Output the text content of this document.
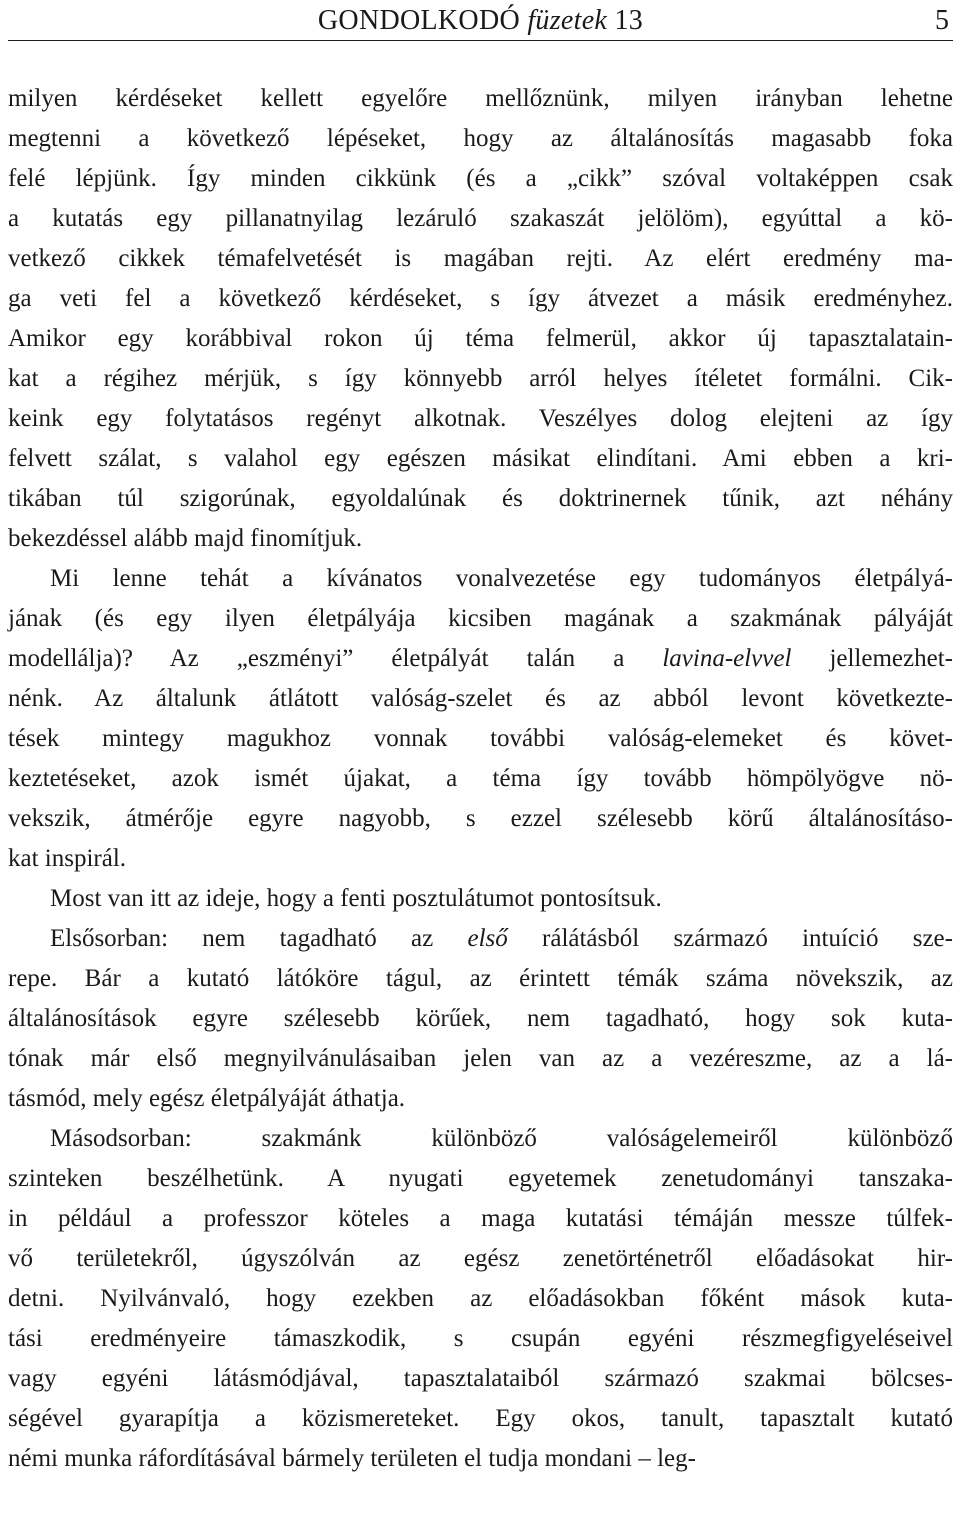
GONDOLKODÓ füzetek 13	5
milyen kérdéseket kellett egyelőre mellőznünk, milyen irányban lehetne
megtenni a következő lépéseket, hogy az általánosítás magasabb foka
felé lépjünk. Így minden cikkünk (és a „cikk” szóval voltaképpen csak
a kutatás egy pillanatnyilag lezáruló szakaszát jelölöm), egyúttal a kö-
vetkező cikkek témafelvetését is magában rejti. Az elért eredmény ma-
ga veti fel a következő kérdéseket, s így átvezet a másik eredményhez.
Amikor egy korábbival rokon új téma felmerül, akkor új tapasztalatain-
kat a régihez mérjük, s így könnyebb arról helyes ítéletet formálni. Cik-
keink egy folytatásos regényt alkotnak. Veszélyes dolog elejteni az így
felvett szálat, s valahol egy egészen másikat elindítani. Ami ebben a kri-
tikában túl szigorúnak, egyoldalúnak és doktrinernek tűnik, azt néhány
bekezdéssel alább majd finomítjuk.
Mi lenne tehát a kívánatos vonalvezetése egy tudományos életpályá-
jának (és egy ilyen életpályája kicsiben magának a szakmának pályáját
modellálja)? Az „eszményi” életpályát talán a lavina-elvvel jellemezhet-
nénk. Az általunk átlátott valóság-szelet és az abból levont következte-
tések mintegy magukhoz vonnak további valóság-elemeket és követ-
keztetéseket, azok ismét újakat, a téma így tovább hömpölyögve nö-
vekszik, átmérője egyre nagyobb, s ezzel szélesebb körű általánosításo-
kat inspirál.
Most van itt az ideje, hogy a fenti posztulátumot pontosítsuk.
Elsősorban: nem tagadható az első rálátásból származó intuíció sze-
repe. Bár a kutató látóköre tágul, az érintett témák száma növekszik, az
általánosítások egyre szélesebb körűek, nem tagadható, hogy sok kuta-
tónak már első megnyilvánulásaiban jelen van az a vezéreszme, az a lá-
tásmód, mely egész életpályáját áthatja.
Másodsorban: szakmánk különböző valóságelemeiről különböző
szinteken beszélhetünk. A nyugati egyetemek zenetudományi tanszaka-
in például a professzor köteles a maga kutatási témáján messze túlfek-
vő területekről, úgyszólván az egész zenetörténetről előadásokat hir-
detni. Nyilvánvaló, hogy ezekben az előadásokban főként mások kuta-
tási eredményeire támaszkodik, s csupán egyéni részmegfigyeléseivel
vagy egyéni látásmódjával, tapasztalataiból származó szakmai bölcses-
ségével gyarapítja a közismereteket. Egy okos, tanult, tapasztalt kutató
némi munka ráfordításával bármely területen el tudja mondani – leg-
